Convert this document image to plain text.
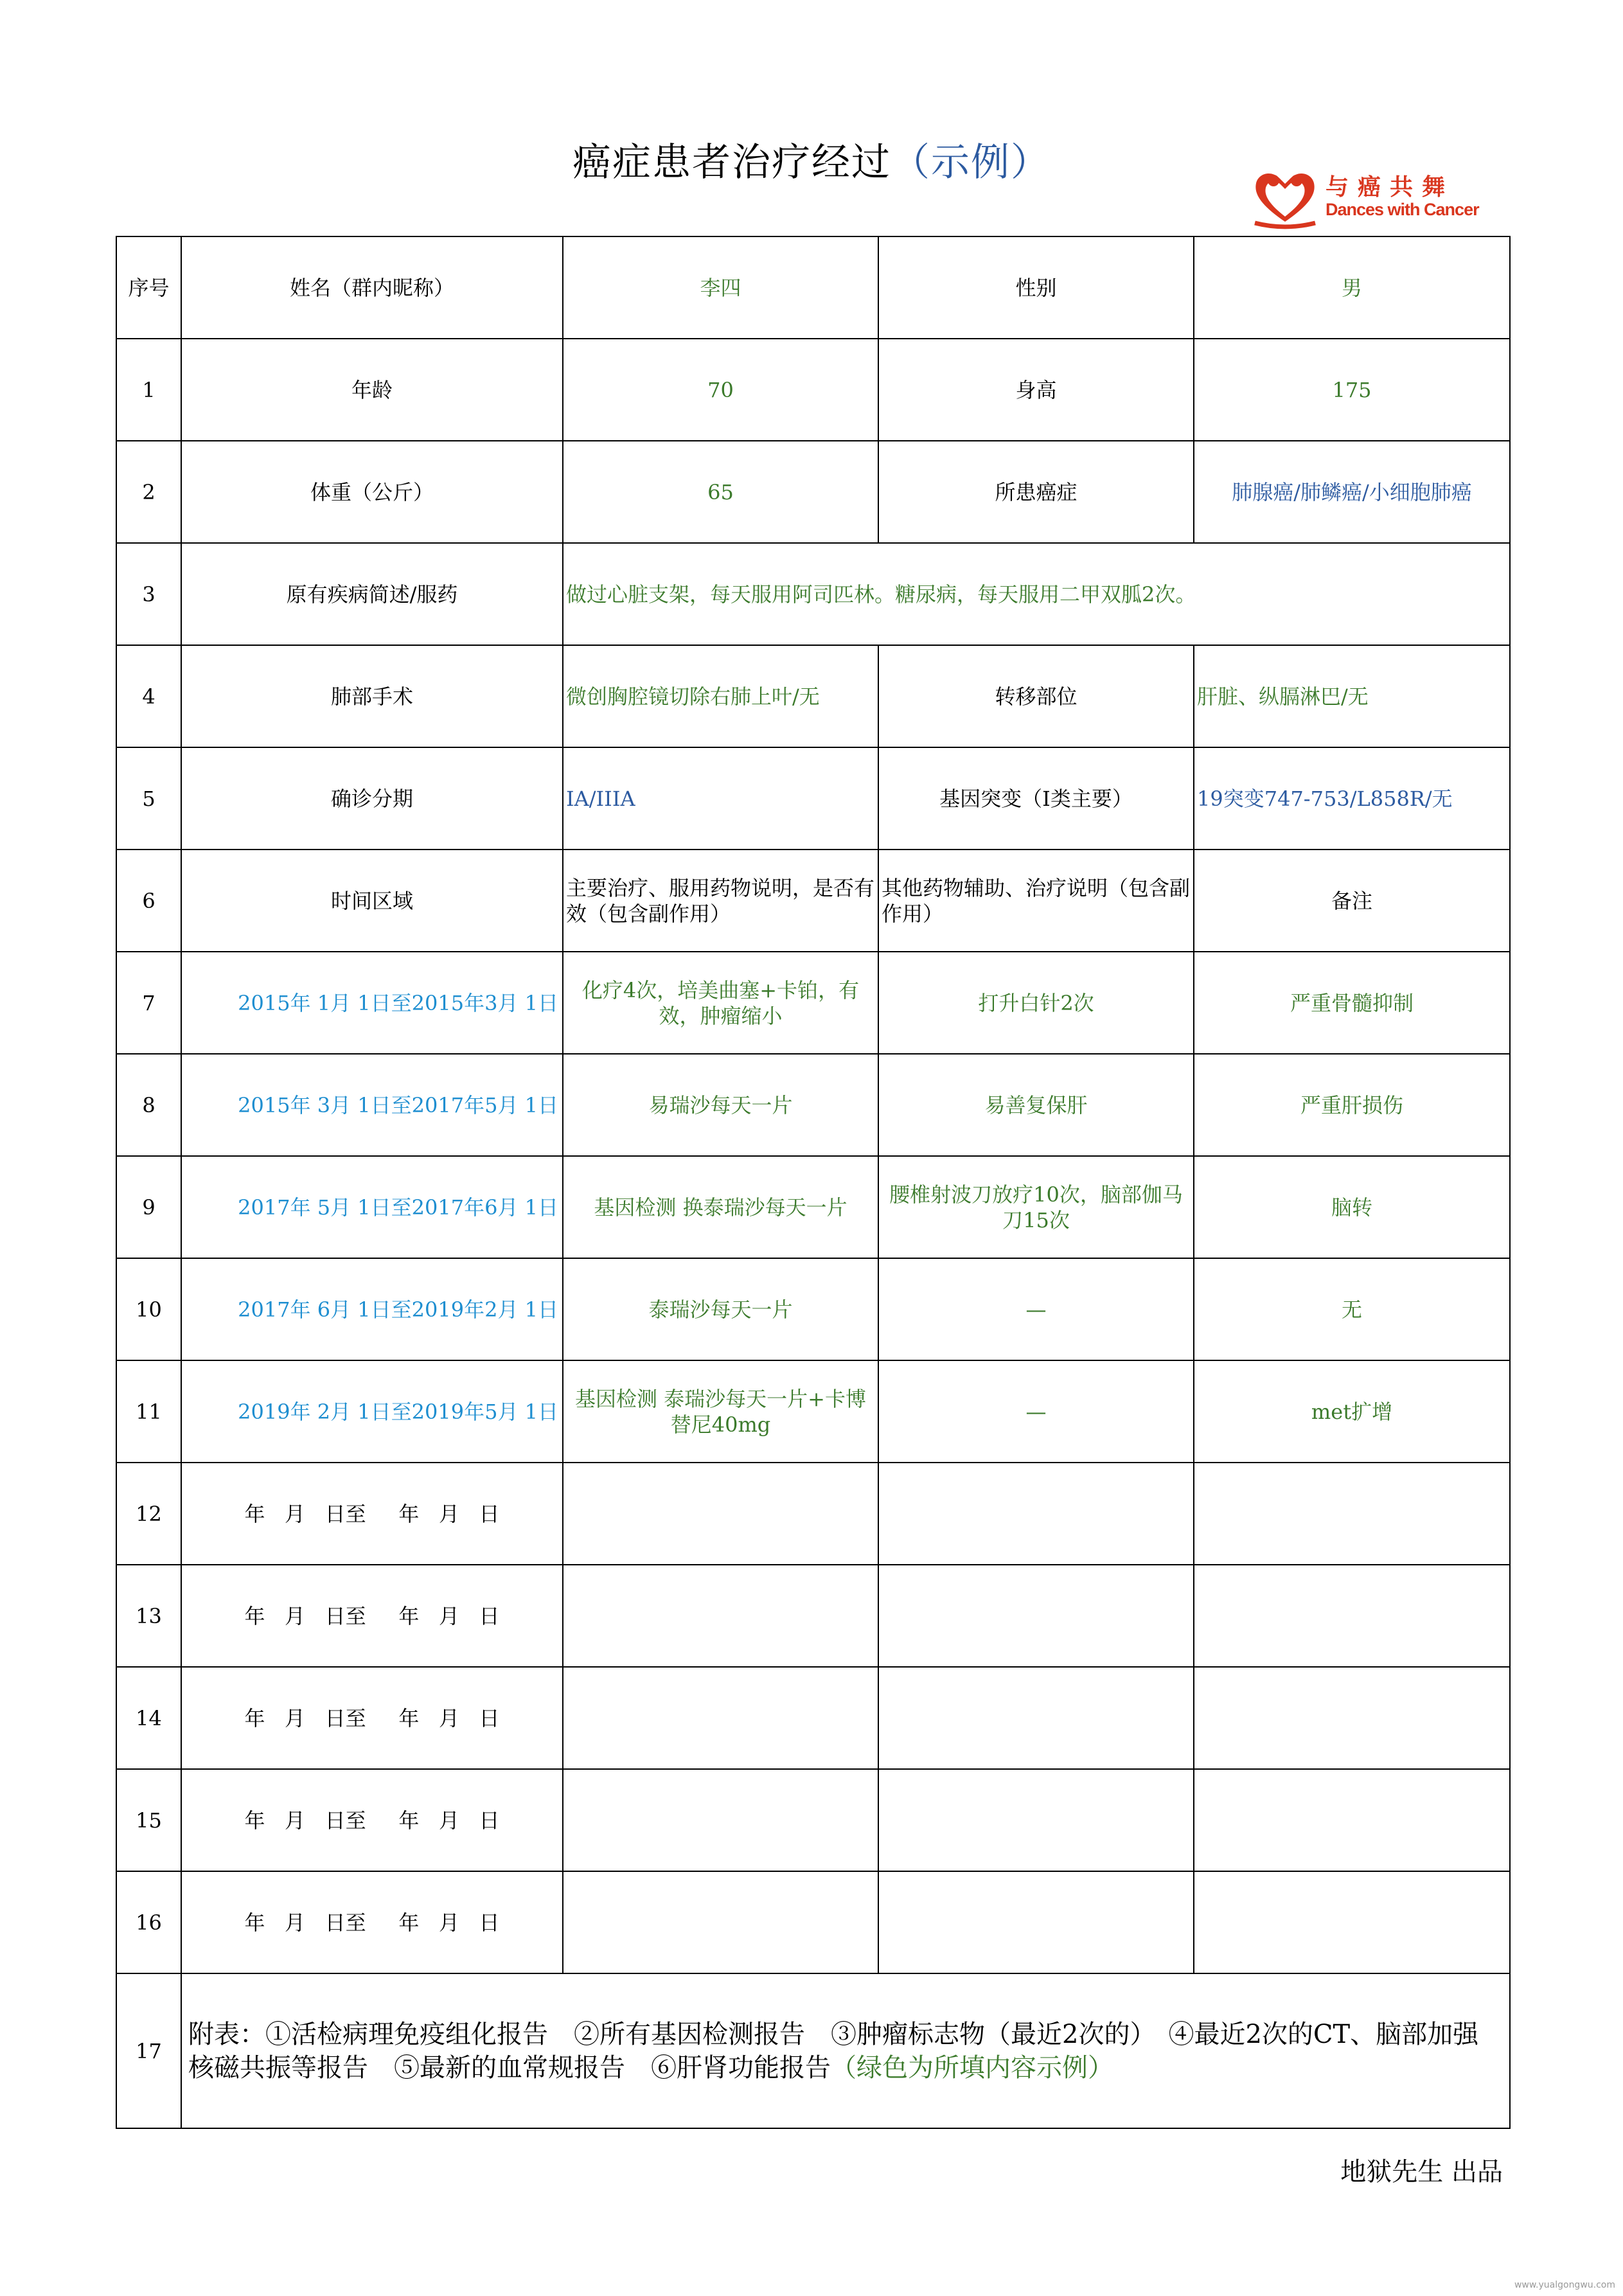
癌症患者治疗经过（示例）
与癌共舞
Dances with Cancer
序号	姓名（群内昵称）	李四	性别	男
1	年龄	70	身高	175
2	体重（公斤）	65	所患癌症	肺腺癌/肺鳞癌/小细胞肺癌
3	原有疾病简述/服药	做过心脏支架，每天服用阿司匹林。糖尿病，每天服用二甲双胍2次。		
4	肺部手术	微创胸腔镜切除右肺上叶/无	转移部位	肝脏、纵膈淋巴/无
5	确诊分期	IA/IIIA	基因突变（I类主要）	19突变747-753/L858R/无
6	时间区域	主要治疗、服用药物说明，是否有效（包含副作用）	其他药物辅助、治疗说明（包含副作用）	备注
7	2015年 1月 1日 至 2015年3月 1日	化疗4次，培美曲塞+卡铂，有效，肿瘤缩小	打升白针2次	严重骨髓抑制
8	2015年 3月 1日 至 2017年5月 1日	易瑞沙每天一片	易善复保肝	严重肝损伤
9	2017年 5月 1日 至 2017年6月 1日	基因检测 换泰瑞沙每天一片	腰椎射波刀放疗10次，脑部伽马刀15次	脑转
10	2017年 6月 1日 至 2019年2月 1日	泰瑞沙每天一片	—	无
11	2019年 2月 1日 至 2019年5月 1日	基因检测 泰瑞沙每天一片+卡博替尼40mg	—	met扩增
12	年   月   日至     年   月   日			
13	年   月   日至     年   月   日			
14	年   月   日至     年   月   日			
15	年   月   日至     年   月   日			
16	年   月   日至     年   月   日			
17	附表：①活检病理免疫组化报告　②所有基因检测报告　③肿瘤标志物（最近2次的）　④最近2次的CT、脑部加强核磁共振等报告　⑤最新的血常规报告　⑥肝肾功能报告（绿色为所填内容示例）			
地狱先生 出品
www.yualgongwu.com
